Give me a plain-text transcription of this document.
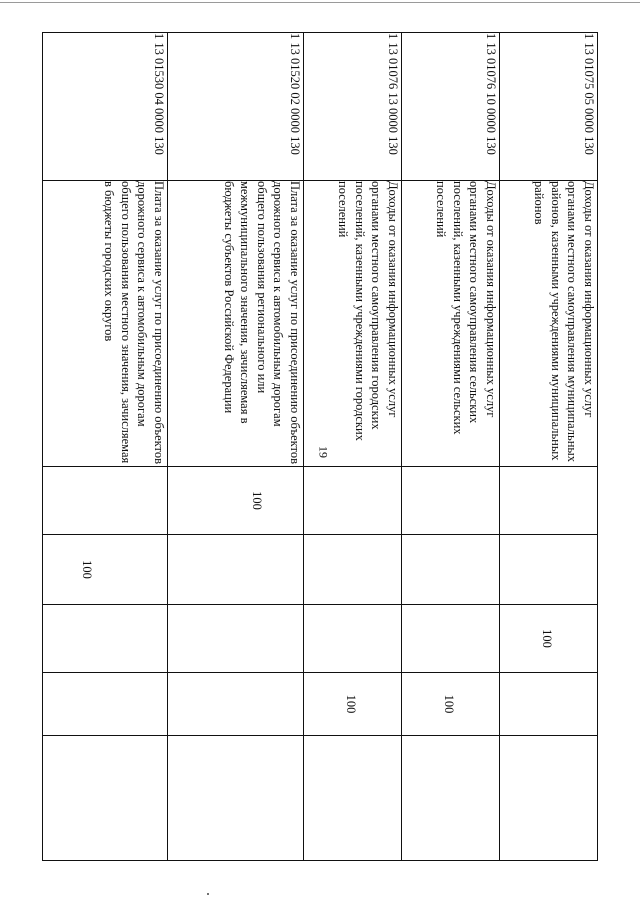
19
1 13 01075 05 0000 130	Доходы от оказания информационных услуг органами местного самоуправления муниципальных районов, казенными учреждениями муниципальных районов			100		

1 13 01076 10 0000 130	Доходы от оказания информационных услуг органами местного самоуправления сельских поселений, казенными учреждениями сельских поселений				100	

1 13 01076 13 0000 130	Доходы от оказания информационных услуг органами местного самоуправления городских поселений, казенными учреждениями городских поселений				100	

1 13 01520 02 0000 130	Плата за оказание услуг по присоединению объектов дорожного сервиса к автомобильным дорогам общего пользования регионального или межмуниципального значения, зачисляемая в бюджеты субъектов Российской Федерации	100				

1 13 01530 04 0000 130	Плата за оказание услуг по присоединению объектов дорожного сервиса к автомобильным дорогам общего пользования местного значения, зачисляемая в бюджеты городских округов		100			
